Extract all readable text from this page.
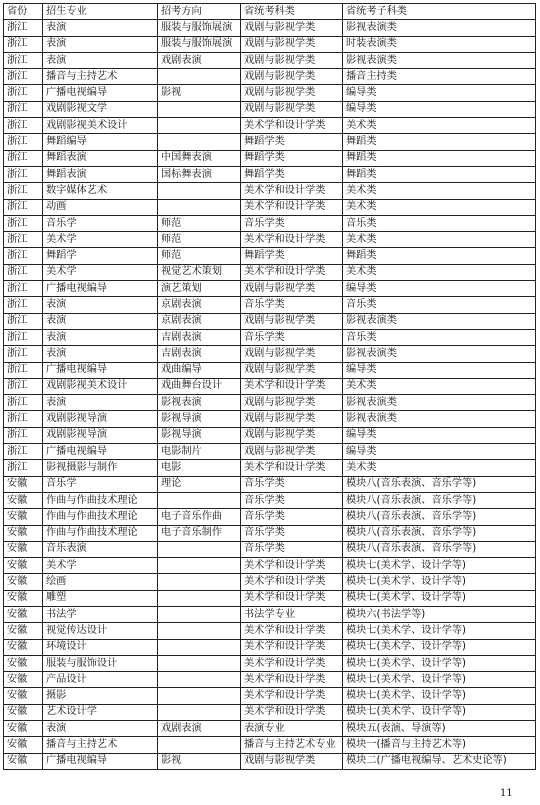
省份	招生专业	招考方向	省统考科类	省统考子科类
浙江	表演	服装与服饰展演	戏剧与影视学类	影视表演类
浙江	表演	服装与服饰展演	戏剧与影视学类	时装表演类
浙江	表演	戏剧表演	戏剧与影视学类	影视表演类
浙江	播音与主持艺术		戏剧与影视学类	播音主持类
浙江	广播电视编导	影视	戏剧与影视学类	编导类
浙江	戏剧影视文学		戏剧与影视学类	编导类
浙江	戏剧影视美术设计		美术学和设计学类	美术类
浙江	舞蹈编导		舞蹈学类	舞蹈类
浙江	舞蹈表演	中国舞表演	舞蹈学类	舞蹈类
浙江	舞蹈表演	国标舞表演	舞蹈学类	舞蹈类
浙江	数字媒体艺术		美术学和设计学类	美术类
浙江	动画		美术学和设计学类	美术类
浙江	音乐学	师范	音乐学类	音乐类
浙江	美术学	师范	美术学和设计学类	美术类
浙江	舞蹈学	师范	舞蹈学类	舞蹈类
浙江	美术学	视觉艺术策划	美术学和设计学类	美术类
浙江	广播电视编导	演艺策划	戏剧与影视学类	编导类
浙江	表演	京剧表演	音乐学类	音乐类
浙江	表演	京剧表演	戏剧与影视学类	影视表演类
浙江	表演	吉剧表演	音乐学类	音乐类
浙江	表演	吉剧表演	戏剧与影视学类	影视表演类
浙江	广播电视编导	戏曲编导	戏剧与影视学类	编导类
浙江	戏剧影视美术设计	戏曲舞台设计	美术学和设计学类	美术类
浙江	表演	影视表演	戏剧与影视学类	影视表演类
浙江	戏剧影视导演	影视导演	戏剧与影视学类	影视表演类
浙江	戏剧影视导演	影视导演	戏剧与影视学类	编导类
浙江	广播电视编导	电影制片	戏剧与影视学类	编导类
浙江	影视摄影与制作	电影	美术学和设计学类	美术类
安徽	音乐学	理论	音乐学类	模块八(音乐表演、音乐学等)
安徽	作曲与作曲技术理论		音乐学类	模块八(音乐表演、音乐学等)
安徽	作曲与作曲技术理论	电子音乐作曲	音乐学类	模块八(音乐表演、音乐学等)
安徽	作曲与作曲技术理论	电子音乐制作	音乐学类	模块八(音乐表演、音乐学等)
安徽	音乐表演		音乐学类	模块八(音乐表演、音乐学等)
安徽	美术学		美术学和设计学类	模块七(美术学、设计学等)
安徽	绘画		美术学和设计学类	模块七(美术学、设计学等)
安徽	雕塑		美术学和设计学类	模块七(美术学、设计学等)
安徽	书法学		书法学专业	模块六(书法学等)
安徽	视觉传达设计		美术学和设计学类	模块七(美术学、设计学等)
安徽	环境设计		美术学和设计学类	模块七(美术学、设计学等)
安徽	服装与服饰设计		美术学和设计学类	模块七(美术学、设计学等)
安徽	产品设计		美术学和设计学类	模块七(美术学、设计学等)
安徽	摄影		美术学和设计学类	模块七(美术学、设计学等)
安徽	艺术设计学		美术学和设计学类	模块七(美术学、设计学等)
安徽	表演	戏剧表演	表演专业	模块五(表演、导演等)
安徽	播音与主持艺术		播音与主持艺术专业	模块一(播音与主持艺术等)
安徽	广播电视编导	影视	戏剧与影视学类	模块二(广播电视编导、艺术史论等)
11
